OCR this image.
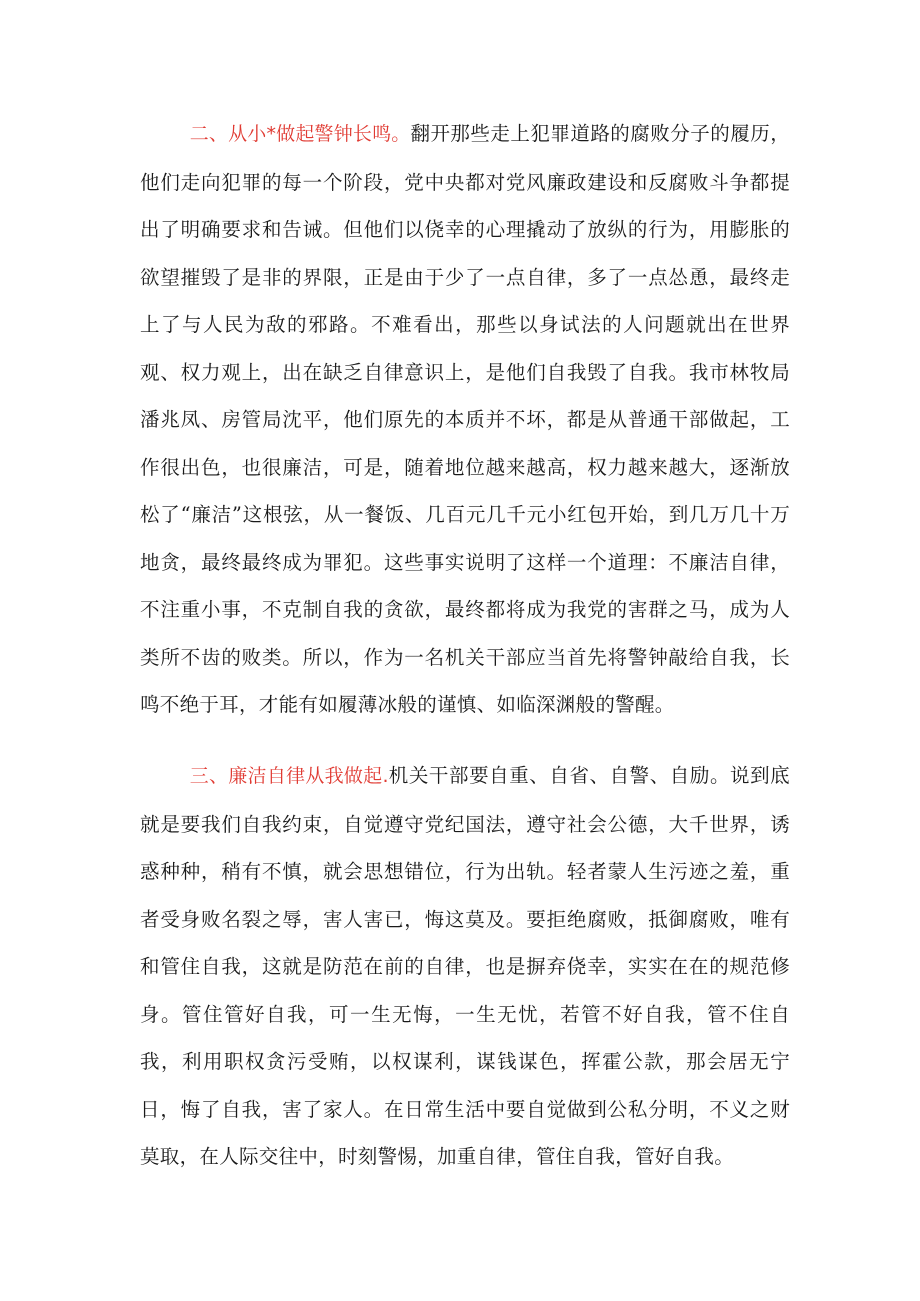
二、从小*做起警钟长鸣。翻开那些走上犯罪道路的腐败分子的履历，他们走向犯罪的每一个阶段，党中央都对党风廉政建设和反腐败斗争都提出了明确要求和告诫。但他们以侥幸的心理撬动了放纵的行为，用膨胀的欲望摧毁了是非的界限，正是由于少了一点自律，多了一点怂恿，最终走上了与人民为敌的邪路。不难看出，那些以身试法的人问题就出在世界观、权力观上，出在缺乏自律意识上，是他们自我毁了自我。我市林牧局潘兆凤、房管局沈平，他们原先的本质并不坏，都是从普通干部做起，工作很出色，也很廉洁，可是，随着地位越来越高，权力越来越大，逐渐放松了“廉洁”这根弦，从一餐饭、几百元几千元小红包开始，到几万几十万地贪，最终最终成为罪犯。这些事实说明了这样一个道理：不廉洁自律，不注重小事，不克制自我的贪欲，最终都将成为我党的害群之马，成为人类所不齿的败类。所以，作为一名机关干部应当首先将警钟敲给自我，长鸣不绝于耳，才能有如履薄冰般的谨慎、如临深渊般的警醒。

三、廉洁自律从我做起.机关干部要自重、自省、自警、自励。说到底就是要我们自我约束，自觉遵守党纪国法，遵守社会公德，大千世界，诱惑种种，稍有不慎，就会思想错位，行为出轨。轻者蒙人生污迹之羞，重者受身败名裂之辱，害人害已，悔这莫及。要拒绝腐败，抵御腐败，唯有和管住自我，这就是防范在前的自律，也是摒弃侥幸，实实在在的规范修身。管住管好自我，可一生无悔，一生无忧，若管不好自我，管不住自我，利用职权贪污受贿，以权谋利，谋钱谋色，挥霍公款，那会居无宁日，悔了自我，害了家人。在日常生活中要自觉做到公私分明，不义之财莫取，在人际交往中，时刻警惕，加重自律，管住自我，管好自我。
